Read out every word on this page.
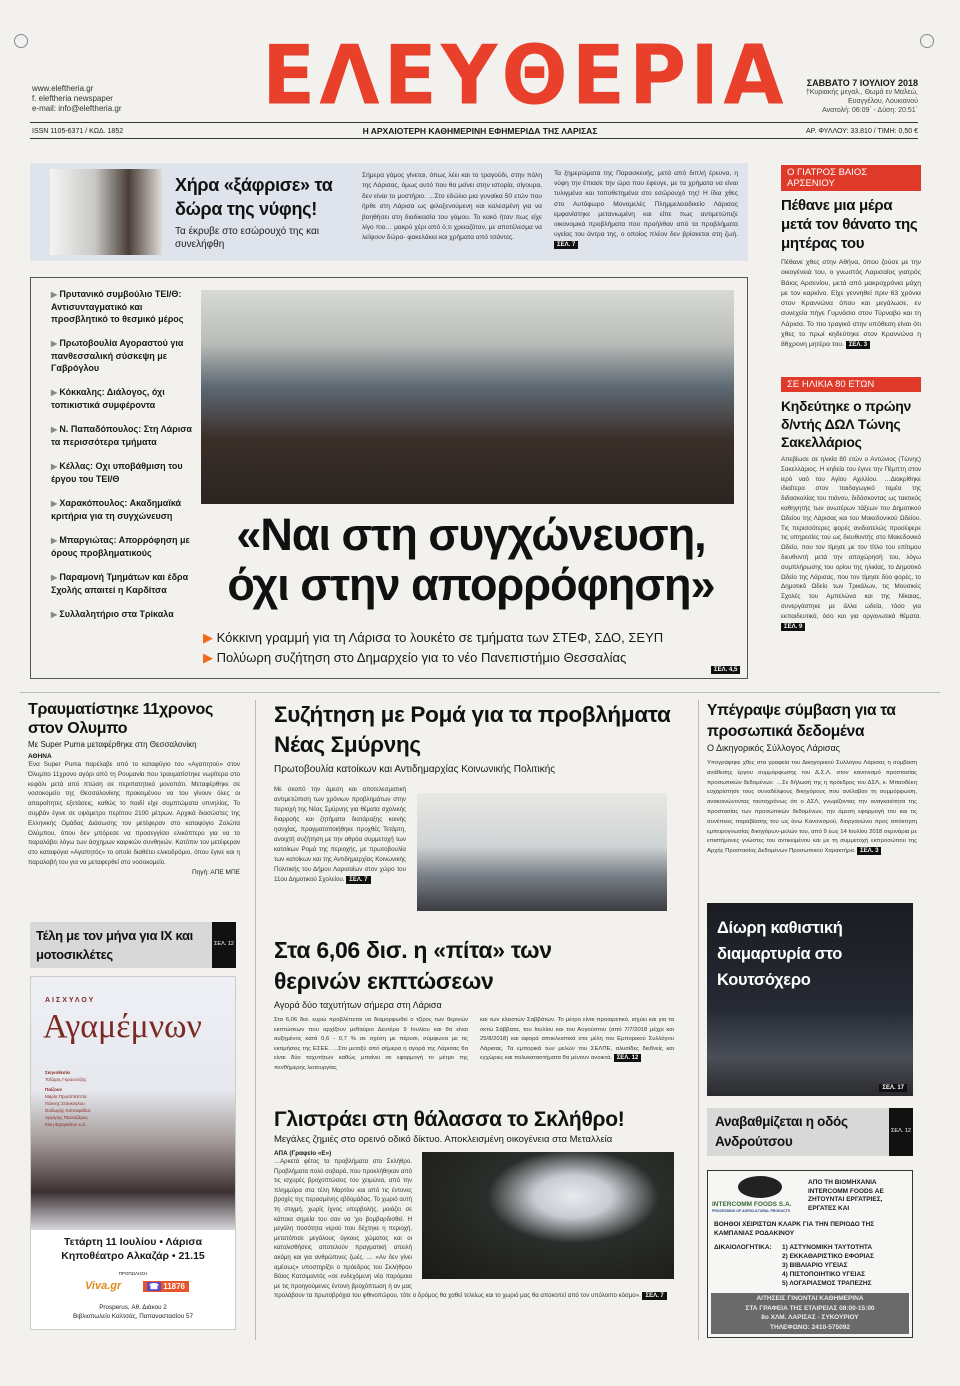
ΕΛΕΥΘΕΡΙΑ
www.eleftheria.gr
f. eleftheria newspaper
e-mail: info@eleftheria.gr
ΣΑΒΒΑΤΟ 7 ΙΟΥΛΙΟΥ 2018
†Κυριακής μεγαλ., Θωμά εν Μαλεώ, Ευαγγέλου, Λουκιανού
Ανατολή: 06:09΄ - Δύση: 20:51΄
ISSN 1105-6371 / ΚΩΔ. 1852	Η ΑΡΧΑΙΟΤΕΡΗ ΚΑΘΗΜΕΡΙΝΗ ΕΦΗΜΕΡΙΔΑ ΤΗΣ ΛΑΡΙΣΑΣ	ΑΡ. ΦΥΛΛΟΥ: 33.810 / ΤΙΜΗ: 0,50 €
Χήρα «ξάφρισε» τα δώρα της νύφης!
Τα έκρυβε στο εσώρουχό της και συνελήφθη
Σήμερα γάμος γίνεται, όπως λέει και το τραγούδι, στην πόλη της Λάρισας, όμως αυτό που θα μείνει στην ιστορία, σίγουρα, δεν είναι το μυστήριο. …Στο εδώλιο μια γυναίκα 50 ετών που ήρθε στη Λάρισα ως φιλοξενούμενη και καλεσμένη για να βοηθήσει στη διαδικασία του γάμου. Το κακό ήταν πως είχε λίγο πιο… μακρύ χέρι από ό,τι χρειαζόταν, με αποτέλεσμα να λείψουν δώρα- φακελάκια και χρήματα από τσάντες.
Τα ξημερώματα της Παρασκευής, μετά από διπλή έρευνα, η νύφη την έπιασε την ώρα που έφευγε, με τα χρήματα να είναι τυλιγμένα και τοποθετημένα στο εσώρουχό της! Η ίδια χθες στο Αυτόφωρο Μονομελές Πλημμελειοδικείο Λάρισας εμφανίστηκε μετανιωμένη και είπε πως αντιμετώπιζε οικονομικά προβλήματα που προήλθαν από τα προβλήματα υγείας του άντρα της, ο οποίος πλέον δεν βρίσκεται στη ζωή. ΣΕΛ. 7
▶ Πρυτανικό συμβούλιο ΤΕΙ/Θ: Αντισυνταγματικό και προσβλητικό το θεσμικό μέρος
▶ Πρωτοβουλία Αγοραστού για πανθεσσαλική σύσκεψη με Γαβρόγλου
▶ Κόκκαλης: Διάλογος, όχι τοπικιστικά συμφέροντα
▶ Ν. Παπαδόπουλος: Στη Λάρισα τα περισσότερα τμήματα
▶ Κέλλας: Οχι υποβάθμιση του έργου του ΤΕΙ/Θ
▶ Χαρακόπουλος: Ακαδημαϊκά κριτήρια για τη συγχώνευση
▶ Μπαργιώτας: Απορρόφηση με όρους προβληματικούς
▶ Παραμονή Τμημάτων και έδρα Σχολής απαιτεί η Καρδίτσα
▶ Συλλαλητήριο στα Τρίκαλα
«Ναι στη συγχώνευση,
όχι στην απορρόφηση»
▶ Κόκκινη γραμμή για τη Λάρισα το λουκέτο σε τμήματα των ΣΤΕΦ, ΣΔΟ, ΣΕΥΠ
▶ Πολύωρη συζήτηση στο Δημαρχείο για το νέο Πανεπιστήμιο Θεσσαλίας
ΣΕΛ. 4,5
Ο ΓΙΑΤΡΟΣ ΒΑΙΟΣ ΑΡΣΕΝΙΟΥ
Πέθανε μια μέρα μετά τον θάνατο της μητέρας του
Πέθανε χθες στην Αθήνα, όπου ζούσε με την οικογένειά του, ο γνωστός Λαρισαίος γιατρός Βάιος Αρσενίου, μετά από μακροχρόνια μάχη με τον καρκίνο. Είχε γεννηθεί πριν 63 χρόνια στον Κραννώνα όπου και μεγάλωσε, εν συνεχεία πήγε Γυμνάσιο στον Τύρναβο και τη Λάρισα. Το πιο τραγικό στην υπόθεση είναι ότι χθες το πρωί κηδεύτηκε στον Κραννώνα η 86χρονη μητέρα του. ΣΕΛ. 3
ΣΕ ΗΛΙΚΙΑ 80 ΕΤΩΝ
Κηδεύτηκε ο πρώην δ/ντής ΔΩΛ Τώνης Σακελλάριος
Απεβίωσε σε ηλικία 80 ετών ο Αντώνιος (Τώνης) Σακελλάριος. Η κηδεία του έγινε την Πέμπτη στον ιερό ναό του Αγίου Αχιλλίου. …Διακρίθηκε ιδιαίτερα στον παιδαγωγικό τομέα της διδασκαλίας του πιάνου, διδάσκοντας ως τακτικός καθηγητής των ανωτέρων τάξεων του Δημοτικού Ωδείου της Λάρισας και του Μακεδονικού Ωδείου. Τις περισσότερες φορές ανιδιοτελώς προσέφερε τις υπηρεσίες του ως διευθυντής στο Μακεδονικό Ωδείο, που τον τίμησε με τον τίτλο του επίτιμου διευθυντή μετά την αποχώρησή του, λόγω συμπλήρωσης του ορίου της ηλικίας, το Δημοτικό Ωδείο της Λάρισας, που τον τίμησε δύο φορές, το Δημοτικό Ωδείο των Τρικάλων, τις Μουσικές Σχολές του Αμπελώνα και της Νίκαιας, συνεργάστηκε με άλλα ωδεία, τόσο για εκπαιδευτικά, όσο και για οργανωτικά θέματα. ΣΕΛ. 9
Τραυματίστηκε 11χρονος στον Ολυμπο
Με Super Puma μεταφέρθηκε στη Θεσσαλονίκη
ΑΘΗΝΑ
Ένα Super Puma παρέλαβε από το καταφύγιο του «Αγαπητού» στον Όλυμπο 11χρονο αγόρι από τη Ρουμανία που τραυματίστηκε νωρίτερα στο κεφάλι μετά από πτώση σε περιπατητικό μονοπάτι. Μεταφέρθηκε σε νοσοκομείο της Θεσσαλονίκης προκειμένου να του γίνουν όλες οι απαραίτητες εξετάσεις, καθώς το παιδί είχε συμπτώματα υπνηλίας. Το συμβάν έγινε σε υψόμετρο περίπου 2100 μέτρων. Αρχικά διασώστες της Ελληνικής Ομάδας Διάσωσης τον μετέφεραν στο καταφύγιο Ζολώτα Ολύμπου, όπου δεν μπόρεσε να προσεγγίσει ελικόπτερο για να το παραλάβει λόγω των άσχημων καιρικών συνθηκών. Κατόπιν τον μετέφεραν στο καταφύγιο «Αγαπητός» το οποίο διαθέτει ελικοδρόμιο, όπου έγινε και η παραλαβή του για να μεταφερθεί στο νοσοκομείο.
Πηγή: ΑΠΕ ΜΠΕ
Τέλη με τον μήνα για ΙΧ και μοτοσικλέτες
ΣΕΛ. 12
ΑΙΣΧΥΛΟΥ
Αγαμέμνων
Σκηνοθεσία
Τσίζαρις Γκρασούζης
Παίζουν
Μαρία Πρωτόπαππα
Γιάννης Στάνκογλου
Θοδωρής Κατσαφάδος
Αργύρης Πανταζάρας
Κίκη Φραγκάτου κ.ά.
Τετάρτη 11 Ιουλίου • Λάρισα
Κηποθέατρο Αλκαζάρ • 21.15
ΠΡΟΠΩΛΗΣΗ
Viva.gr	☎ 11876
Prosperus, Αθ. Διάκου 2
Βιβλιοπωλείο Καλτσάς, Παπαναστασίου 57
Συζήτηση με Ρομά για τα προβλήματα Νέας Σμύρνης
Πρωτοβουλία κατοίκων και Αντιδημαρχίας Κοινωνικής Πολιτικής
Με σκοπό την άμεση και αποτελεσματική αντιμετώπιση των χρόνιων προβλημάτων στην περιοχή της Νέας Σμύρνης για θέματα σχολικής διαρροής και ζητήματα διατάραξης κοινής ησυχίας, πραγματοποιήθηκε προχθές Τετάρτη, ανοιχτή συζήτηση με την αθρόα συμμετοχή των κατοίκων Ρομά της περιοχής, με πρωτοβουλία των κατοίκων και της Αντιδημαρχίας Κοινωνικής Πολιτικής του Δήμου Λαρισαίων στον χώρο του 11ου Δημοτικού Σχολείου. ΣΕΛ. 7
Στα 6,06 δισ. η «πίτα» των θερινών εκπτώσεων
Αγορά δύο ταχυτήτων σήμερα στη Λάρισα
Στα 6,06 δισ. ευρώ προβλέπεται να διαμορφωθεί ο τζίρος των θερινών εκπτώσεων που αρχίζουν μεθαύριο Δευτέρα 9 Ιουλίου και θα είναι αυξημένος κατά 0,6 - 0,7 % σε σχέση με πέρυσι, σύμφωνα με τις εκτιμήσεις της ΕΣΕΕ. …Στο μεταξύ από σήμερα η αγορά της Λάρισας θα είναι δύο ταχυτήτων καθώς μπαίνει σε εφαρμογή το μέτρο της πενθήμερης λειτουργίας
και των κλειστών Σαββάτων. Το μέτρο είναι προαιρετικό, ισχύει και για τα οκτώ Σάββατα, του Ιουλίου και του Αυγούστου (από 7/7/2018 μέχρι και 25/8/2018) και αφορά αποκλειστικά στα μέλη του Εμπορικού Συλλόγου Λάρισας. Τα εμπορικά των μελών του ΣΕΛΠΕ, αλυσίδες διεθνείς και εγχώριες και πολυκαταστήματα θα μένουν ανοικτά. ΣΕΛ. 12
Γλιστράει στη θάλασσα το Σκλήθρο!
Μεγάλες ζημιές στο ορεινό οδικό δίκτυο. Αποκλεισμένη οικογένεια στα Μεταλλεία
ΑΠΑ (Γραφείο «Ε»)
…Αρκετά φέτος τα προβλήματα στο Σκλήθρο. Προβλήματα πολύ σοβαρά, που προκλήθηκαν από τις ισχυρές βροχοπτώσεις του χειμώνα, από την πλημμύρα στα τέλη Μαρτίου και από τις έντονες βροχές της περασμένης εβδομάδας. Το χωριό αυτή τη στιγμή, χωρίς ίχνος υπερβολής, μοιάζει σε κάποια σημεία του σαν να 'χει βομβαρδισθεί. Η μεγάλη ποσότητα νερού που δέχτηκε η περιοχή, μετατόπισε μεγάλους όγκους χώματος και οι κατολισθήσεις αποτελούν πραγματική απειλή ακόμη και για ανθρώπινες ζωές. … «Αν δεν γίνει αμέσως» υποστηρίζει ο πρόεδρος του Σκλήθρου Βάιος Κατσιμαντός «σε ενδεχόμενη νέα παρόμοια με τις προηγούμενες έντονη βροχόπτωση ή αν μας προλάβουν τα πρωτοβρόχια του φθινοπώρου, τότε ο δρόμος θα χαθεί τελείως και το χωριό μας θα αποκοπεί από τον υπόλοιπο κόσμο». ΣΕΛ. 7
Υπέγραψε σύμβαση για τα προσωπικά δεδομένα
Ο Δικηγορικός Σύλλογος Λάρισας
Υπογράφηκε χθες στα γραφεία του Δικηγορικού Συλλόγου Λάρισας η σύμβαση ανάθεσης έργου συμμόρφωσης του Δ.Σ.Λ. στον κανονισμό προστασίας προσωπικών δεδομένων. …Σε δήλωσή της η πρόεδρος του ΔΣΛ, κ. Μπαοδέκη ευχαρίστησε τους συναδέλφους δικηγόρους που ανέλαβαν τη συμμόρφωση, ανακοινώνοντας ταυτοχρόνως ότι ο ΔΣΛ, γνωρίζοντας την αναγκαιότητα της προστασίας των προσωπικών δεδομένων, την άμεση εφαρμογή του και τις συνέπειες παραβίασης του ως άνω Κανονισμού, διοργανώνει προς απόκτηση εμπειρογνωσίας δικηγόρων-μελών του, από 9 έως 14 Ιουλίου 2018 σεμινάρια με επιστήμονες γνώστες του αντικειμένου και με τη συμμετοχή εκπροσώπου της Αρχής Προστασίας Δεδομένων Προσωπικού Χαρακτήρα. ΣΕΛ. 3
Δίωρη καθιστική διαμαρτυρία στο Κουτσόχερο
ΣΕΛ. 17
Αναβαθμίζεται η οδός Ανδρούτσου
ΣΕΛ. 12
INTERCOMM FOODS S.A.
PROCESSING OF AGRICULTURAL PRODUCTS
ΑΠΟ ΤΗ ΒΙΟΜΗΧΑΝΙΑ INTERCOMM FOODS ΑΕ ΖΗΤΟΥΝΤΑΙ ΕΡΓΑΤΡΙΕΣ, ΕΡΓΑΤΕΣ ΚΑΙ
ΒΟΗΘΟΙ ΧΕΙΡΙΣΤΩΝ ΚΛΑΡΚ ΓΙΑ ΤΗΝ ΠΕΡΙΟΔΟ ΤΗΣ ΚΑΜΠΑΝΙΑΣ ΡΟΔΑΚΙΝΟΥ
ΔΙΚΑΙΟΛΟΓΗΤΙΚΑ: 1) ΑΣΤΥΝΟΜΙΚΗ ΤΑΥΤΟΤΗΤΑ
2) ΕΚΚΑΘΑΡΙΣΤΙΚΟ ΕΦΟΡΙΑΣ
3) ΒΙΒΛΙΑΡΙΟ ΥΓΕΙΑΣ
4) ΠΙΣΤΟΠΟΙΗΤΙΚΟ ΥΓΕΙΑΣ
5) ΛΟΓΑΡΙΑΣΜΟΣ ΤΡΑΠΕΖΗΣ
ΑΙΤΗΣΕΙΣ ΓΙΝΟΝΤΑΙ ΚΑΘΗΜΕΡΙΝΑ
ΣΤΑ ΓΡΑΦΕΙΑ ΤΗΣ ΕΤΑΙΡΕΙΑΣ 08:00-15:00
8ο ΧΛΜ. ΛΑΡΙΣΑΣ - ΣΥΚΟΥΡΙΟΥ
ΤΗΛΕΦΩΝΟ: 2410-575092
